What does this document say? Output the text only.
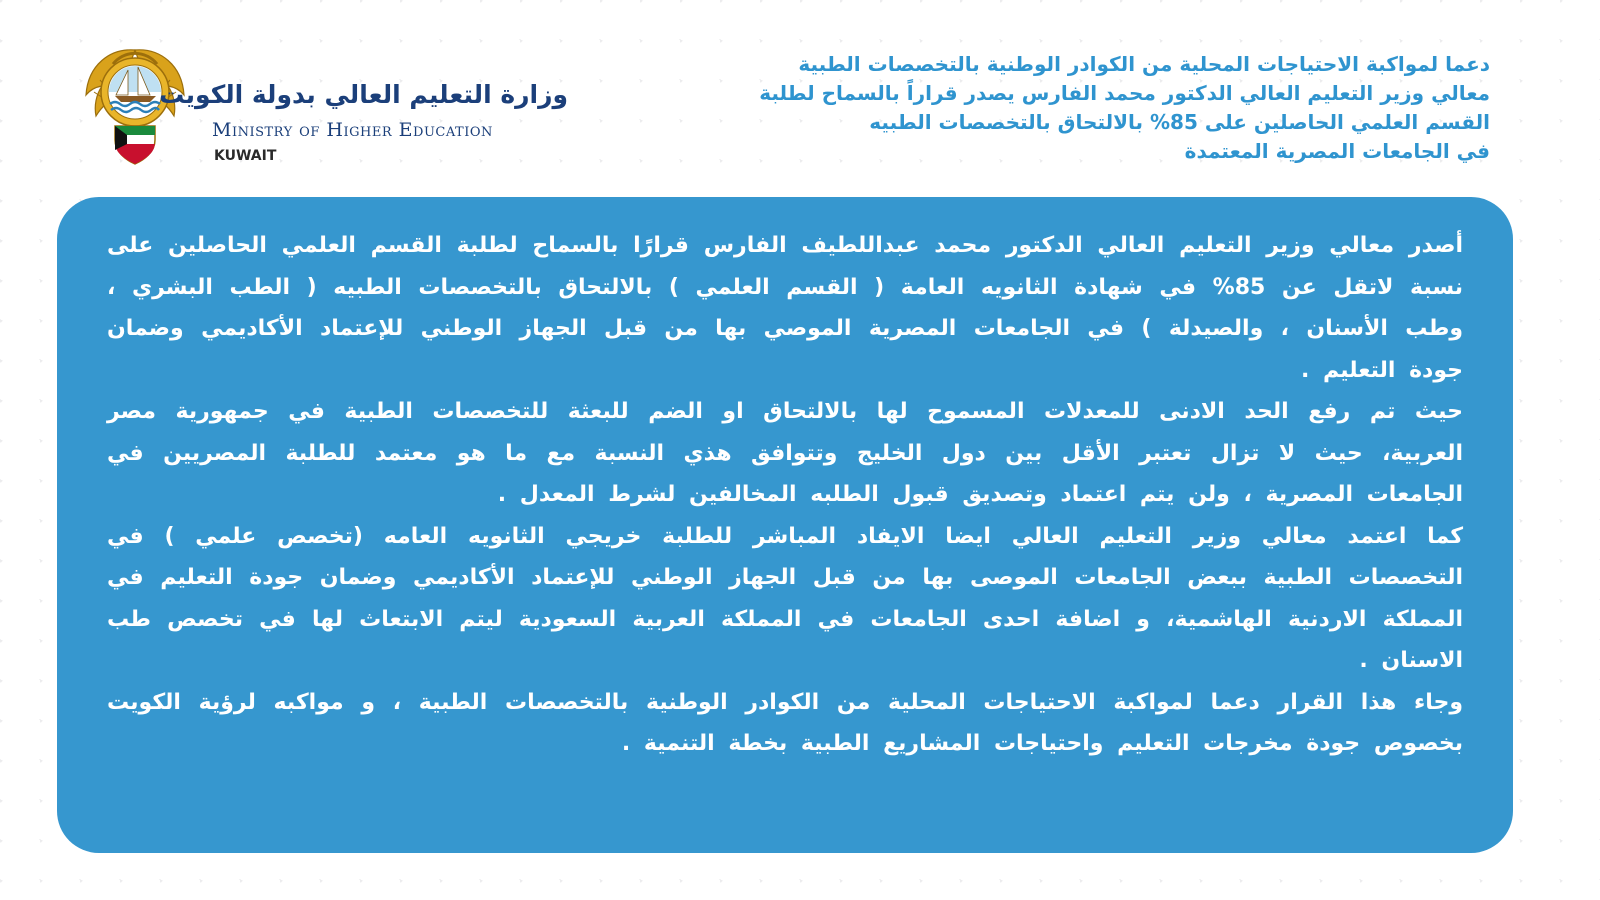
وزارة التعليم العالي بدولة الكويت
Ministry of Higher Education
KUWAIT
دعما لمواكبة الاحتياجات المحلية من الكوادر الوطنية بالتخصصات الطبية
معالي وزير التعليم العالي الدكتور محمد الفارس يصدر قراراً بالسماح لطلبة
القسم العلمي الحاصلين على 85% بالالتحاق بالتخصصات الطبيه
في الجامعات المصرية المعتمدة

أصدر معالي وزير التعليم العالي الدكتور محمد عبداللطيف الفارس قرارًا بالسماح لطلبة القسم العلمي الحاصلين على نسبة لاتقل عن 85% في شهادة الثانويه العامة ( القسم العلمي ) بالالتحاق بالتخصصات الطبيه ( الطب البشري ، وطب الأسنان ، والصيدلة ) في الجامعات المصرية الموصي بها من قبل الجهاز الوطني للإعتماد الأكاديمي وضمان جودة التعليم .

حيث تم رفع الحد الادنى للمعدلات المسموح لها بالالتحاق او الضم للبعثة للتخصصات الطبية في جمهورية مصر العربية، حيث لا تزال تعتبر الأقل بين دول الخليج وتتوافق هذي النسبة مع ما هو معتمد للطلبة المصريين في الجامعات المصرية ، ولن يتم اعتماد وتصديق قبول الطلبه المخالفين لشرط المعدل .

كما اعتمد معالي وزير التعليم العالي ايضا الايفاد المباشر للطلبة خريجي الثانويه العامه (تخصص علمي ) في التخصصات الطبية ببعض الجامعات الموصى بها من قبل الجهاز الوطني للإعتماد الأكاديمي وضمان جودة التعليم في المملكة الاردنية الهاشمية، و اضافة احدى الجامعات في المملكة العربية السعودية ليتم الابتعاث لها في تخصص طب الاسنان .

وجاء هذا القرار دعما لمواكبة الاحتياجات المحلية من الكوادر الوطنية بالتخصصات الطبية ، و مواكبه لرؤية الكويت بخصوص جودة مخرجات التعليم واحتياجات المشاريع الطبية بخطة التنمية .
